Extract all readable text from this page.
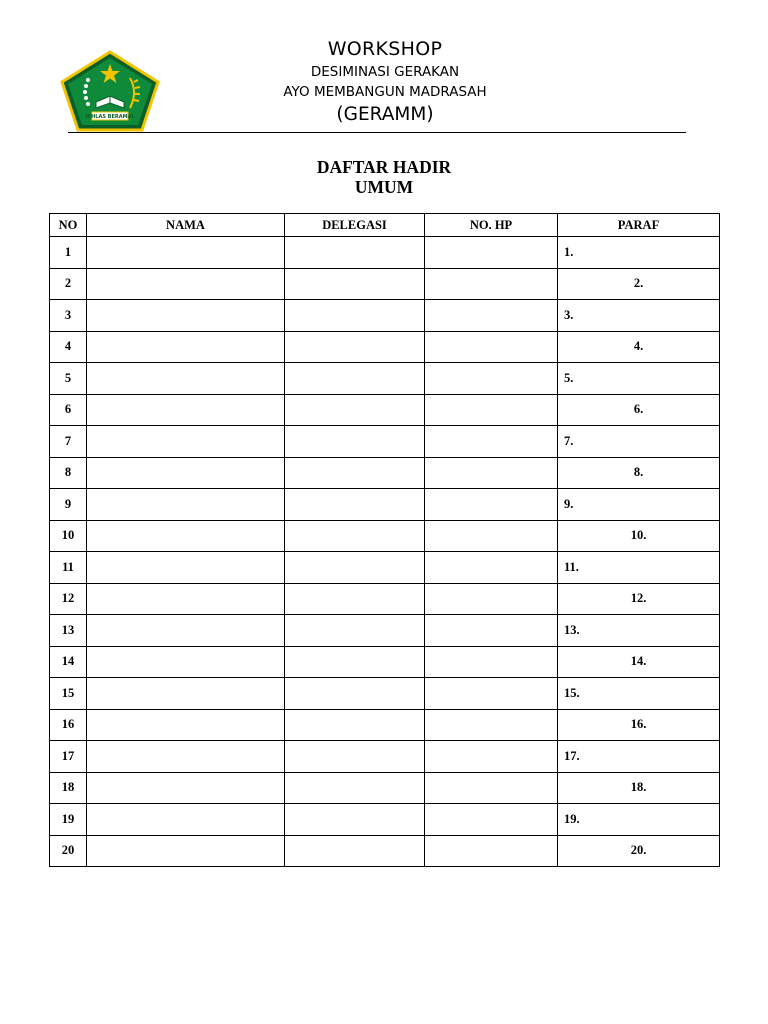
IKHLAS BERAMAL
WORKSHOP
DESIMINASI GERAKAN
AYO MEMBANGUN MADRASAH
(GERAMM)
DAFTAR HADIR
UMUM
NO	NAMA	DELEGASI	NO. HP	PARAF
1				1.
2				2.
3				3.
4				4.
5				5.
6				6.
7				7.
8				8.
9				9.
10				10.
11				11.
12				12.
13				13.
14				14.
15				15.
16				16.
17				17.
18				18.
19				19.
20				20.
